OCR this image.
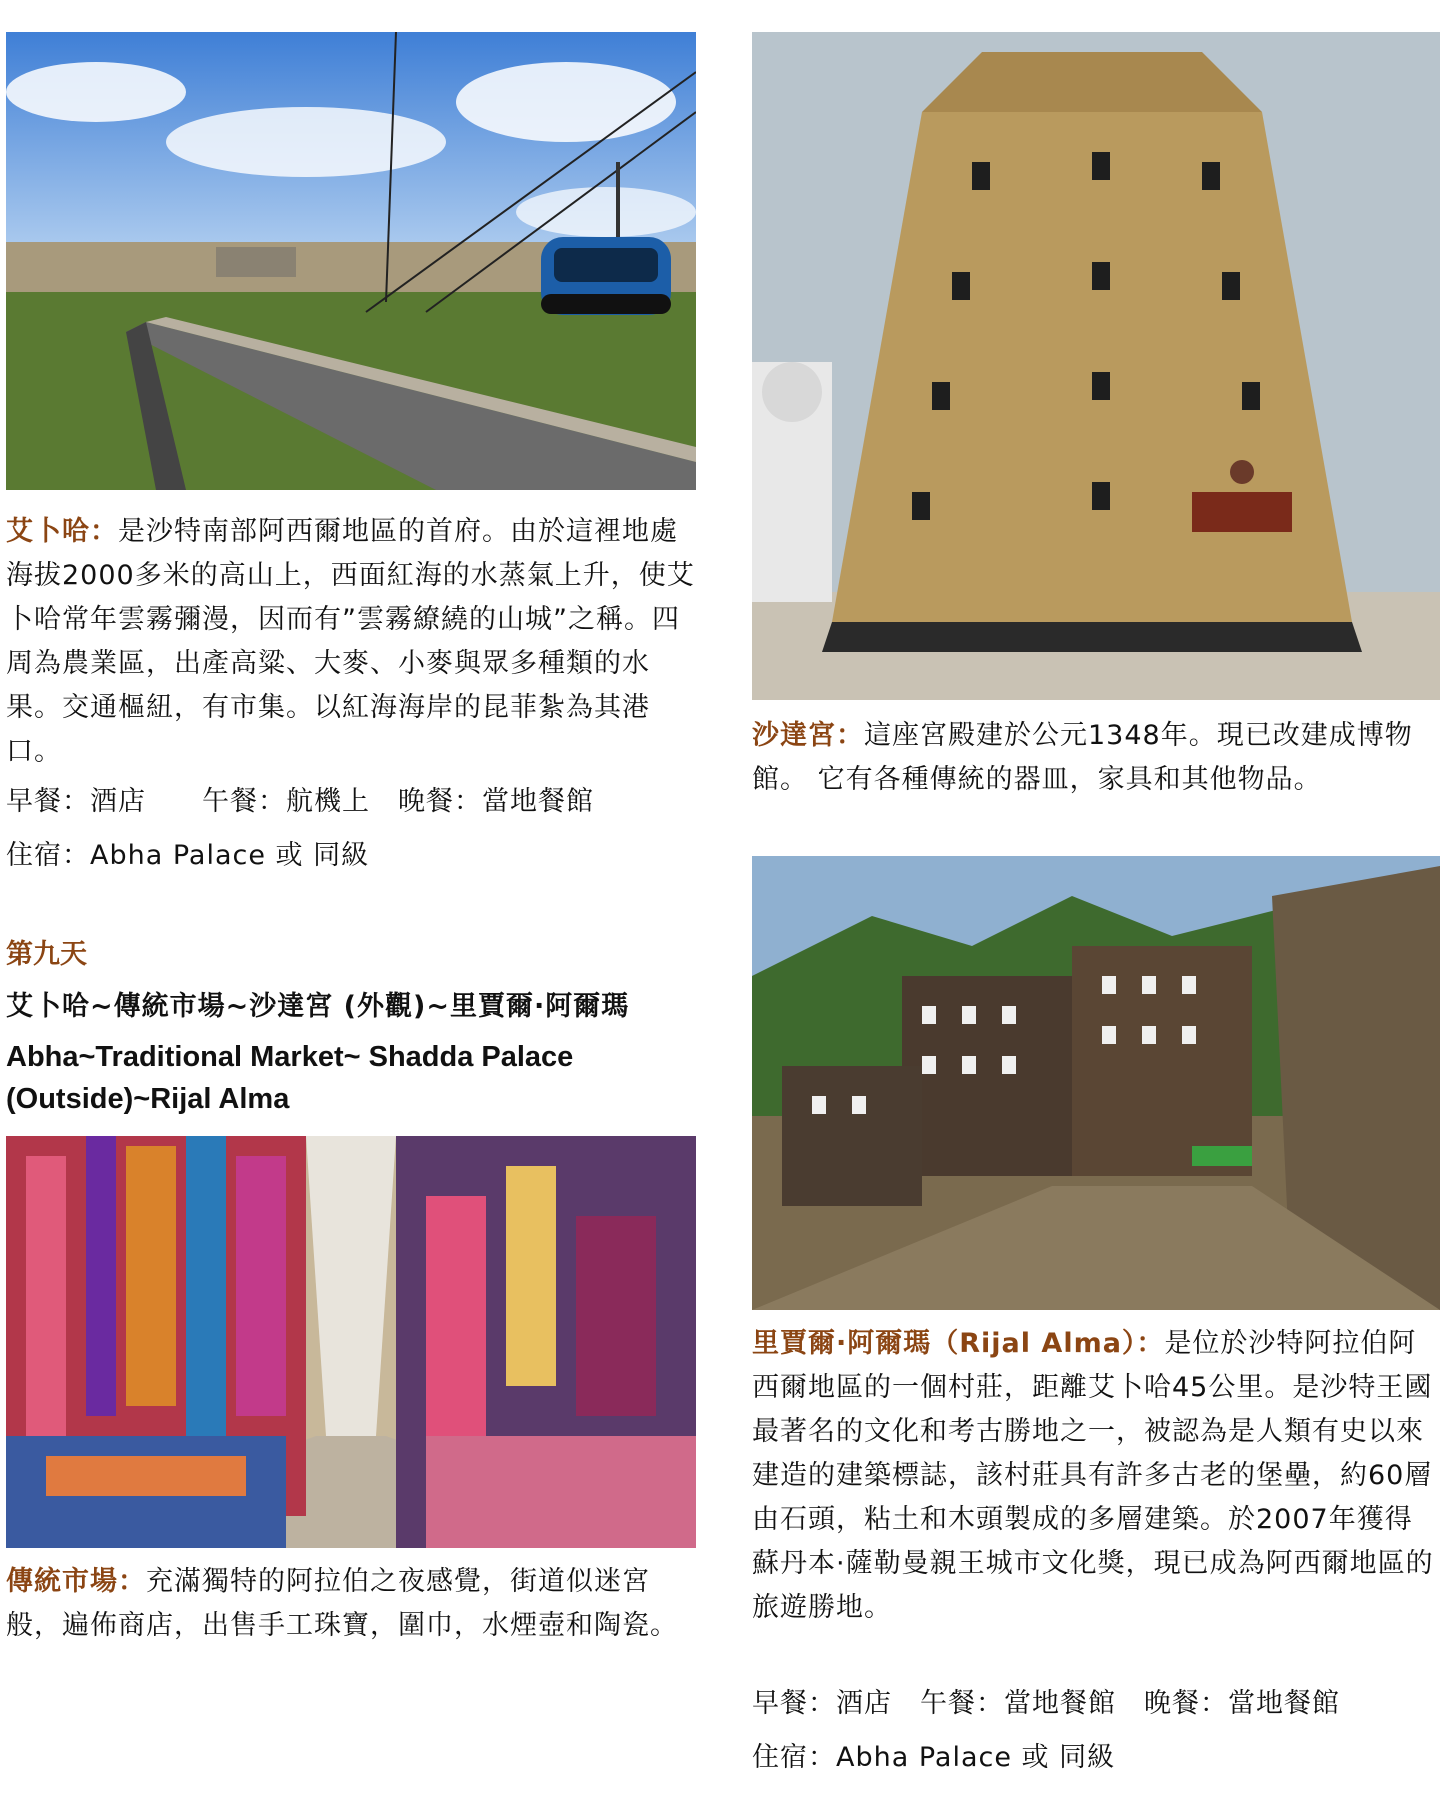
艾卜哈：是沙特南部阿西爾地區的首府。由於這裡地處海拔2000多米的高山上，西面紅海的水蒸氣上升，使艾卜哈常年雲霧彌漫，因而有”雲霧繚繞的山城”之稱。四周為農業區，出產高粱、大麥、小麥與眾多種類的水果。交通樞紐，有市集。以紅海海岸的昆菲紮為其港口。

早餐：酒店　　午餐：航機上　晚餐：當地餐館
住宿：Abha Palace 或 同級
第九天
艾卜哈~傳統市場~沙達宮 (外觀)~里賈爾·阿爾瑪
Abha~Traditional Market~ Shadda Palace
(Outside)~Rijal Alma

傳統市場：充滿獨特的阿拉伯之夜感覺，街道似迷宮般，遍佈商店，出售手工珠寶，圍巾，水煙壺和陶瓷。

沙達宮：這座宮殿建於公元1348年。現已改建成博物館。 它有各種傳統的器皿，家具和其他物品。

里賈爾·阿爾瑪（Rijal Alma）：是位於沙特阿拉伯阿西爾地區的一個村莊，距離艾卜哈45公里。是沙特王國最著名的文化和考古勝地之一，被認為是人類有史以來建造的建築標誌，該村莊具有許多古老的堡壘，約60層由石頭，粘土和木頭製成的多層建築。於2007年獲得蘇丹本·薩勒曼親王城市文化獎，現已成為阿西爾地區的旅遊勝地。

早餐：酒店　午餐：當地餐館　晚餐：當地餐館
住宿：Abha Palace 或 同級
